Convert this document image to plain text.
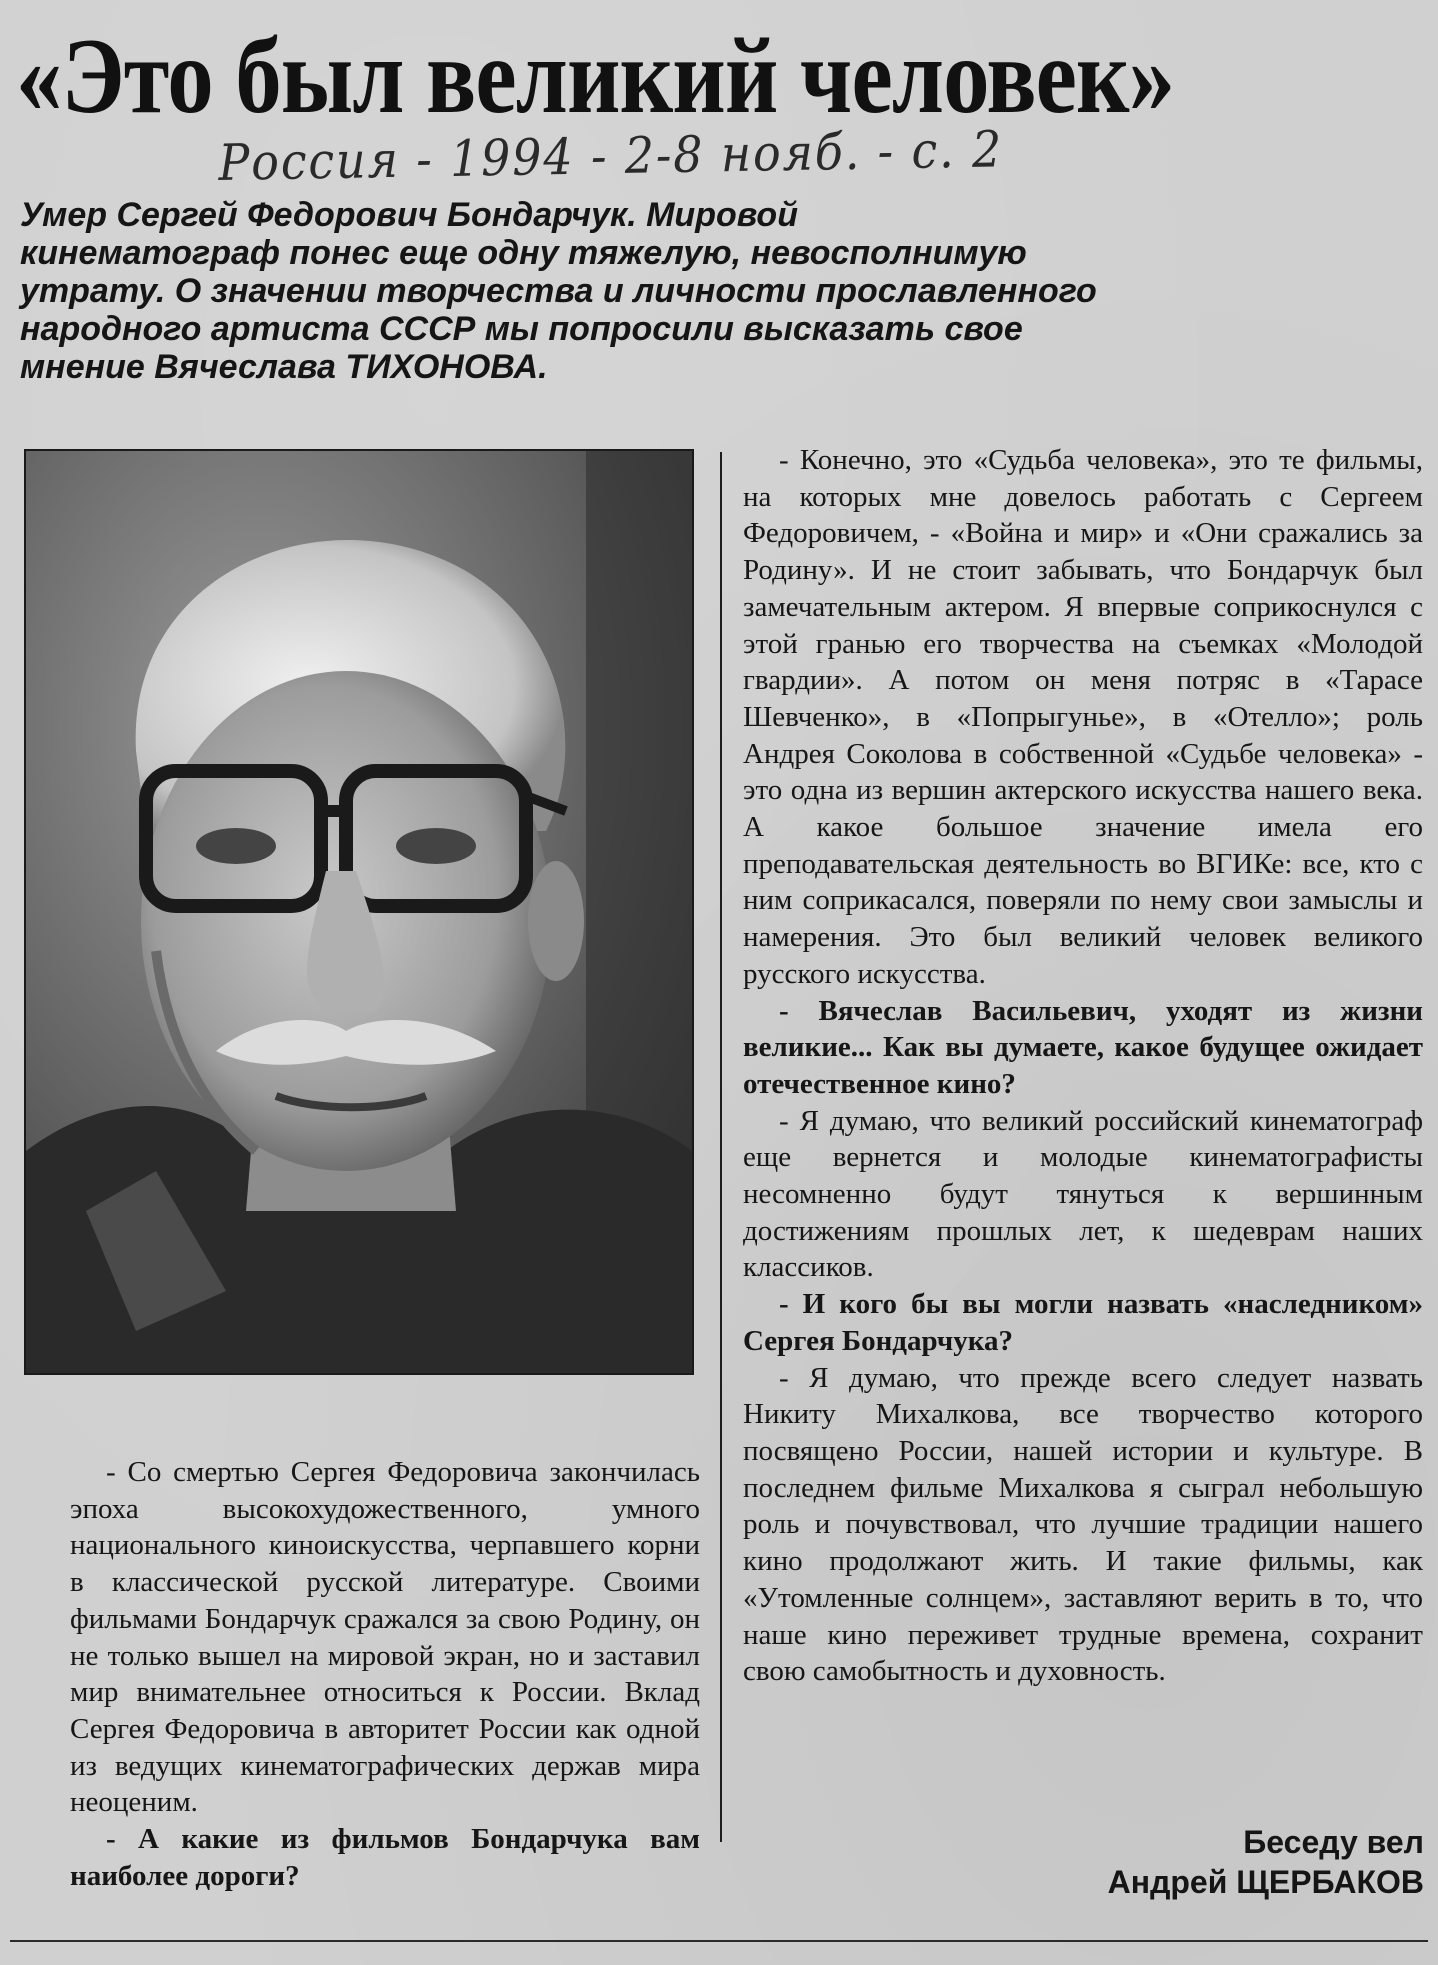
«Это был великий человек»
Россия - 1994 - 2-8 нояб. - с. 2
Умер Сергей Федорович Бондарчук. Мировой
кинематограф понес еще одну тяжелую, невосполнимую
утрату. О значении творчества и личности прославленного
народного артиста СССР мы попросили высказать свое
мнение Вячеслава ТИХОНОВА.

- Со смертью Сергея Федоровича закончилась эпоха высокохудожественного, умного национального киноискусства, черпавшего корни в классической русской литературе. Своими фильмами Бондарчук сражался за свою Родину, он не только вышел на мировой экран, но и заставил мир внимательнее относиться к России. Вклад Сергея Федоровича в авторитет России как одной из ведущих кинематографических держав мира неоценим.

- А какие из фильмов Бондарчука вам наиболее дороги?

- Конечно, это «Судьба человека», это те фильмы, на которых мне довелось работать с Сергеем Федоровичем, - «Война и мир» и «Они сражались за Родину». И не стоит забывать, что Бондарчук был замечательным актером. Я впервые соприкоснулся с этой гранью его творчества на съемках «Молодой гвардии». А потом он меня потряс в «Тарасе Шевченко», в «Попрыгунье», в «Отелло»; роль Андрея Соколова в собственной «Судьбе человека» - это одна из вершин актерского искусства нашего века. А какое большое значение имела его преподавательская деятельность во ВГИКе: все, кто с ним соприкасался, поверяли по нему свои замыслы и намерения. Это был великий человек великого русского искусства.

- Вячеслав Васильевич, уходят из жизни великие... Как вы думаете, какое будущее ожидает отечественное кино?

- Я думаю, что великий российский кинематограф еще вернется и молодые кинематографисты несомненно будут тянуться к вершинным достижениям прошлых лет, к шедеврам наших классиков.

- И кого бы вы могли назвать «наследником» Сергея Бондарчука?

- Я думаю, что прежде всего следует назвать Никиту Михалкова, все творчество которого посвящено России, нашей истории и культуре. В последнем фильме Михалкова я сыграл небольшую роль и почувствовал, что лучшие традиции нашего кино продолжают жить. И такие фильмы, как «Утомленные солнцем», заставляют верить в то, что наше кино переживет трудные времена, сохранит свою самобытность и духовность.

Беседу вел
Андрей ЩЕРБАКОВ
